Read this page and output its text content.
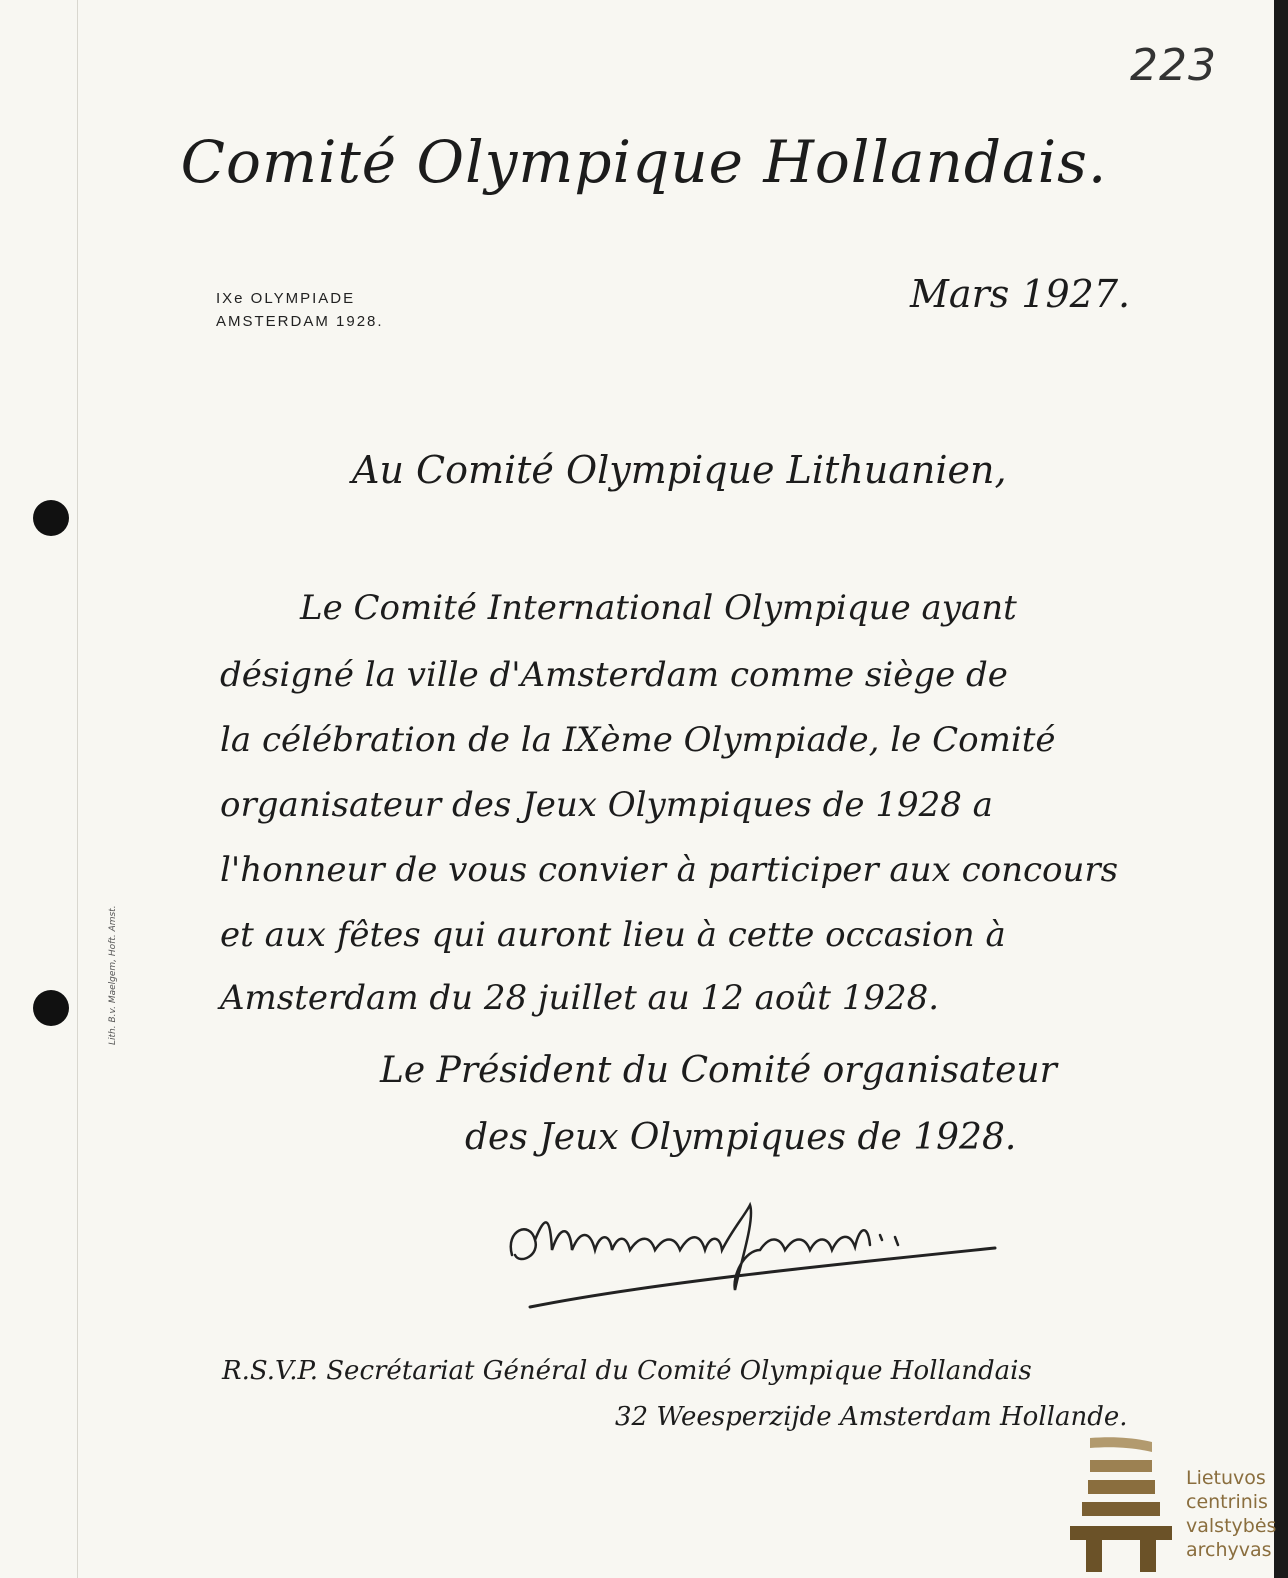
223
Comité Olympique Hollandais.
IXe OLYMPIADE
AMSTERDAM 1928.
Mars 1927.
Au Comité Olympique Lithuanien,
Le Comité International Olympique ayant
désigné la ville d'Amsterdam comme siège de
la célébration de la IXème Olympiade, le Comité
organisateur des Jeux Olympiques de 1928 a
l'honneur de vous convier à participer aux concours
et aux fêtes qui auront lieu à cette occasion à
Amsterdam du 28 juillet au 12 août 1928.
Le Président du Comité organisateur
des Jeux Olympiques de 1928.
R.S.V.P. Secrétariat Général du Comité Olympique Hollandais
32 Weesperzijde Amsterdam Hollande.
Lith. B.v. Maelgem, Hoft. Amst.
Lietuvos
centrinis
valstybės
archyvas
